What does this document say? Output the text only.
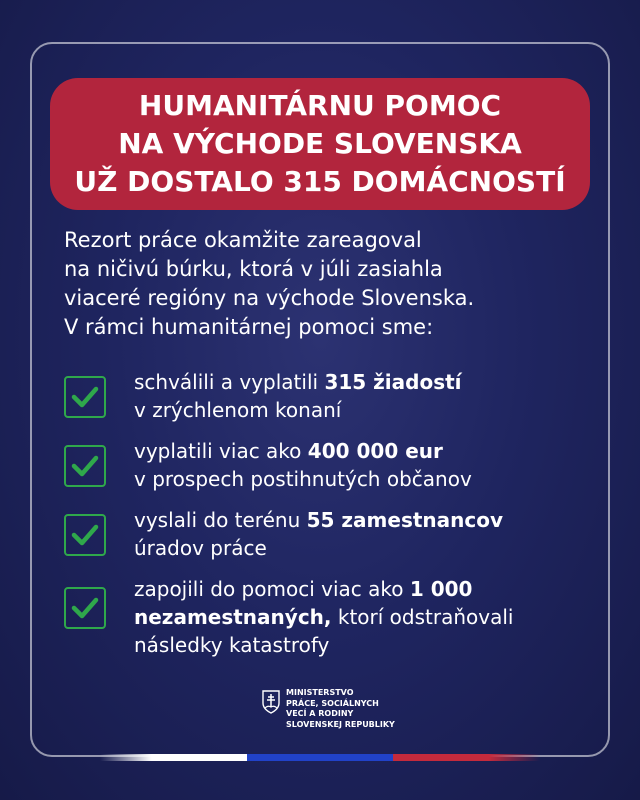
HUMANITÁRNU POMOC
NA VÝCHODE SLOVENSKA
UŽ DOSTALO 315 DOMÁCNOSTÍ
Rezort práce okamžite zareagoval
na ničivú búrku, ktorá v júli zasiahla
viaceré regióny na východe Slovenska.
V rámci humanitárnej pomoci sme:
schválili a vyplatili 315 žiadostí
v zrýchlenom konaní
vyplatili viac ako 400 000 eur
v prospech postihnutých občanov
vyslali do terénu 55 zamestnancov
úradov práce
zapojili do pomoci viac ako 1 000
nezamestnaných, ktorí odstraňovali
následky katastrofy
MINISTERSTVO
PRÁCE, SOCIÁLNYCH
VECÍ A RODINY
SLOVENSKEJ REPUBLIKY
